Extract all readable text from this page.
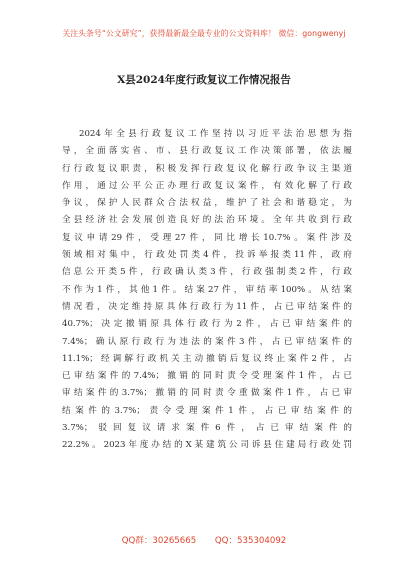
关注头条号“公文研究”，获得最新最全最专业的公文资料库！ 微信：gongwenyj
X县2024年度行政复议工作情况报告
2024年全县行政复议工作坚持以习近平法治思想为指
导，全面落实省、市、县行政复议工作决策部署，依法履
行行政复议职责，积极发挥行政复议化解行政争议主渠道
作用，通过公平公正办理行政复议案件，有效化解了行政
争议，保护人民群众合法权益，维护了社会和谐稳定，为
全县经济社会发展创造良好的法治环境。全年共收到行政
复议申请29件，受理27件，同比增长10.7%。案件涉及
领域相对集中，行政处罚类4件，投诉举报类11件，政府
信息公开类5件，行政确认类3件，行政强制类2件，行政
不作为1件，其他1件。结案27件，审结率100%。从结案
情况看，决定维持原具体行政行为11件，占已审结案件的
40.7%；决定撤销原具体行政行为2件，占已审结案件的
7.4%；确认原行政行为违法的案件3件，占已审结案件的
11.1%；经调解行政机关主动撤销后复议终止案件2件，占
已审结案件的7.4%；撤销的同时责令受理案件1件，占已
审结案件的3.7%；撤销的同时责令重做案件1件，占已审
结案件的3.7%；责令受理案件1件，占已审结案件的
3.7%；驳回复议请求案件6件，占已审结案件的
22.2%。2023年度办结的X某建筑公司诉县住建局行政处罚
QQ群：30265665 QQ：535304092
